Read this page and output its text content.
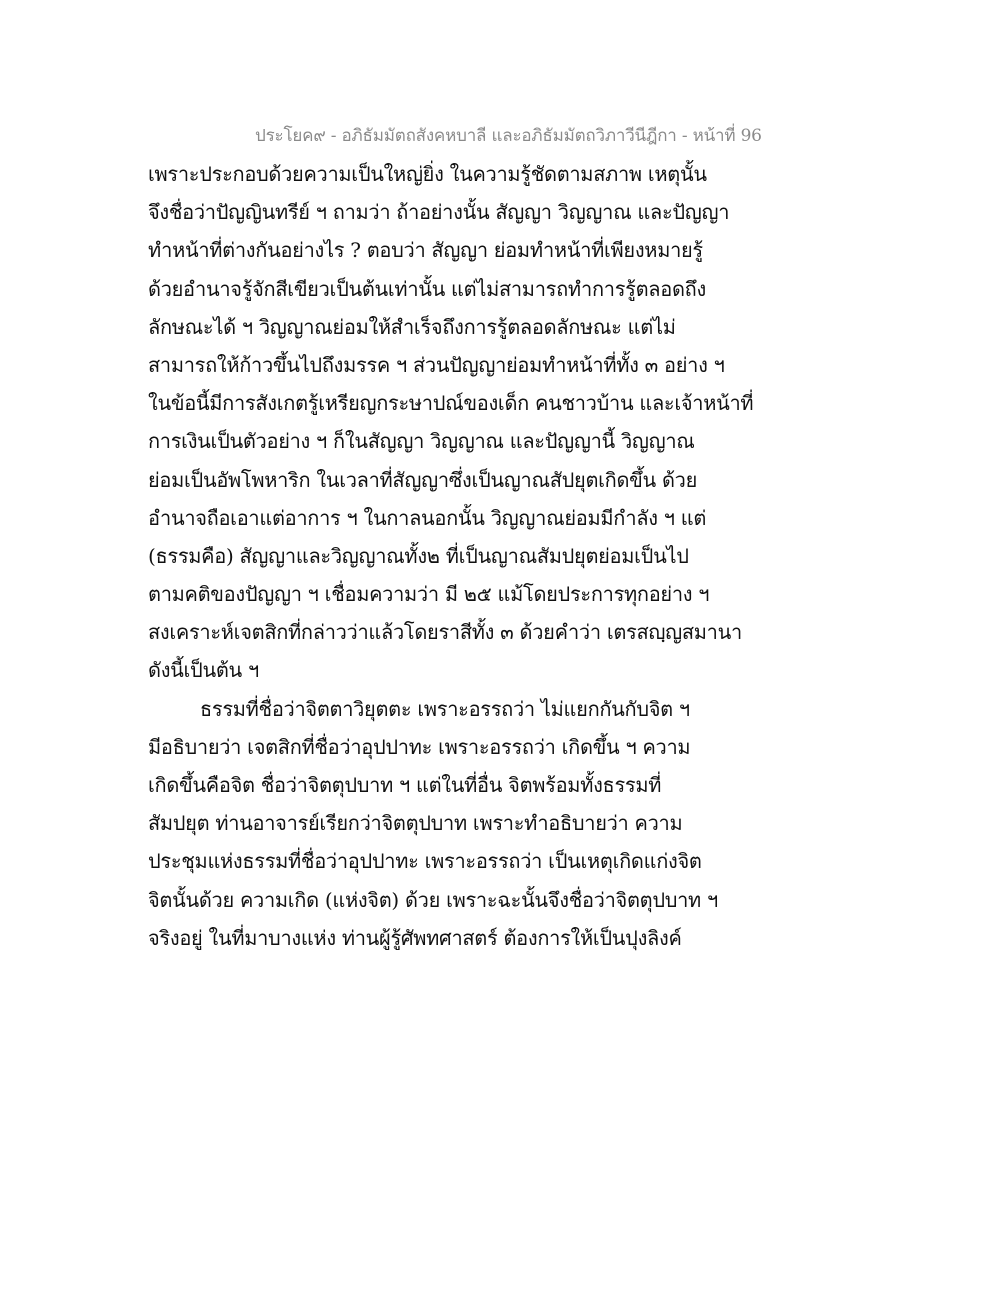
ประโยค๙ - อภิธัมมัตถสังคหบาลี และอภิธัมมัตถวิภาวีนีฎีกา - หน้าที่ 96
เพราะประกอบด้วยความเป็นใหญ่ยิ่ง ในความรู้ชัดตามสภาพ เหตุนั้น
จึงชื่อว่าปัญญินทรีย์ ฯ ถามว่า ถ้าอย่างนั้น สัญญา วิญญาณ และปัญญา
ทำหน้าที่ต่างกันอย่างไร ? ตอบว่า สัญญา ย่อมทำหน้าที่เพียงหมายรู้
ด้วยอำนาจรู้จักสีเขียวเป็นต้นเท่านั้น แต่ไม่สามารถทำการรู้ตลอดถึง
ลักษณะได้ ฯ วิญญาณย่อมให้สำเร็จถึงการรู้ตลอดลักษณะ แต่ไม่
สามารถให้ก้าวขึ้นไปถึงมรรค ฯ ส่วนปัญญาย่อมทำหน้าที่ทั้ง ๓ อย่าง ฯ
ในข้อนี้มีการสังเกตรู้เหรียญกระษาปณ์ของเด็ก คนชาวบ้าน และเจ้าหน้าที่
การเงินเป็นตัวอย่าง ฯ ก็ในสัญญา วิญญาณ และปัญญานี้ วิญญาณ
ย่อมเป็นอัพโพหาริก ในเวลาที่สัญญาซึ่งเป็นญาณสัปยุตเกิดขึ้น ด้วย
อำนาจถือเอาแต่อาการ ฯ ในกาลนอกนั้น วิญญาณย่อมมีกำลัง ฯ แต่
(ธรรมคือ) สัญญาและวิญญาณทั้ง๒ ที่เป็นญาณสัมปยุตย่อมเป็นไป
ตามคติของปัญญา ฯ เชื่อมความว่า มี ๒๕ แม้โดยประการทุกอย่าง ฯ
สงเคราะห์เจตสิกที่กล่าวว่าแล้วโดยราสีทั้ง ๓ ด้วยคำว่า เตรสญฺญสมานา
ดังนี้เป็นต้น ฯ
ธรรมที่ชื่อว่าจิตตาวิยุตตะ เพราะอรรถว่า ไม่แยกกันกับจิต ฯ
มีอธิบายว่า เจตสิกที่ชื่อว่าอุปปาทะ เพราะอรรถว่า เกิดขึ้น ฯ ความ
เกิดขึ้นคือจิต ชื่อว่าจิตตุปบาท ฯ แต่ในที่อื่น จิตพร้อมทั้งธรรมที่
สัมปยุต ท่านอาจารย์เรียกว่าจิตตุปบาท เพราะทำอธิบายว่า ความ
ประชุมแห่งธรรมที่ชื่อว่าอุปปาทะ เพราะอรรถว่า เป็นเหตุเกิดแก่งจิต
จิตนั้นด้วย ความเกิด (แห่งจิต) ด้วย เพราะฉะนั้นจึงชื่อว่าจิตตุปบาท ฯ
จริงอยู่ ในที่มาบางแห่ง ท่านผู้รู้ศัพทศาสตร์ ต้องการให้เป็นปุงลิงค์
